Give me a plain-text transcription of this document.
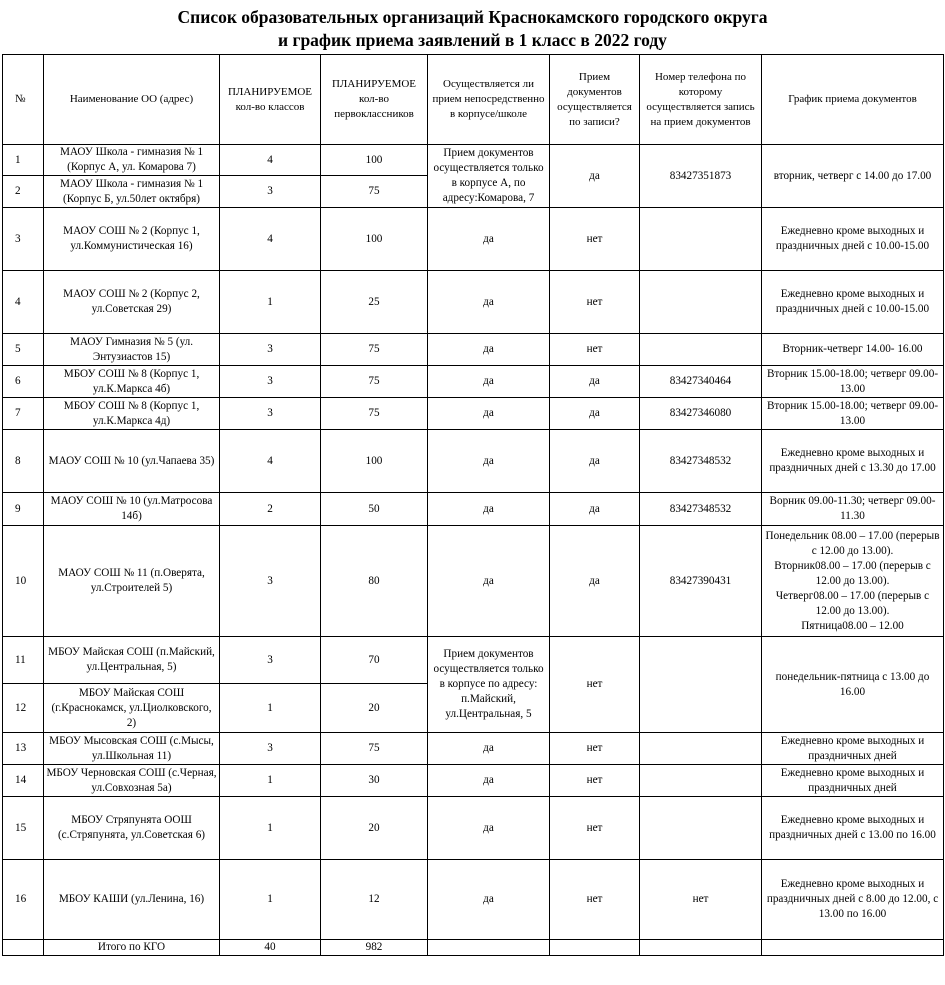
Список образовательных организаций Краснокамского городского округа
и график приема заявлений в 1 класс в 2022 году
№	Наименование ОО (адрес)	ПЛАНИРУЕМОЕ кол-во классов	ПЛАНИРУЕМОЕ кол-во первоклассников	Осуществляется ли прием непосредственно в корпусе/школе	Прием документов осуществляется по записи?	Номер телефона по которому осуществляется запись на прием документов	График приема документов
1	МАОУ Школа - гимназия № 1 (Корпус А, ул. Комарова 7)	4	100	Прием документов осуществляется только в корпусе А, по адресу:Комарова, 7	да	83427351873	вторник, четверг с 14.00 до 17.00
2	МАОУ Школа - гимназия № 1 (Корпус Б, ул.50лет октября)	3	75				
3	МАОУ СОШ № 2 (Корпус 1, ул.Коммунистическая 16)	4	100	да	нет		Ежедневно кроме выходных и праздничных дней с 10.00-15.00
4	МАОУ СОШ № 2 (Корпус 2, ул.Советская 29)	1	25	да	нет		Ежедневно кроме выходных и праздничных дней с 10.00-15.00
5	МАОУ Гимназия № 5 (ул. Энтузиастов 15)	3	75	да	нет		Вторник-четверг 14.00- 16.00
6	МБОУ СОШ № 8 (Корпус 1, ул.К.Маркса 4б)	3	75	да	да	83427340464	Вторник 15.00-18.00; четверг 09.00-13.00
7	МБОУ СОШ № 8 (Корпус 1, ул.К.Маркса 4д)	3	75	да	да	83427346080	Вторник 15.00-18.00; четверг 09.00-13.00
8	МАОУ СОШ № 10 (ул.Чапаева 35)	4	100	да	да	83427348532	Ежедневно кроме выходных и праздничных дней с 13.30 до 17.00
9	МАОУ СОШ № 10 (ул.Матросова 14б)	2	50	да	да	83427348532	Ворник 09.00-11.30; четверг 09.00-11.30
10	МАОУ СОШ № 11 (п.Оверята, ул.Строителей 5)	3	80	да	да	83427390431	Понедельник 08.00 – 17.00 (перерыв с 12.00 до 13.00).
Вторник08.00 – 17.00 (перерыв с 12.00 до 13.00).
Четверг08.00 – 17.00 (перерыв с 12.00 до 13.00).
Пятница08.00 – 12.00

11	МБОУ Майская СОШ (п.Майский, ул.Центральная, 5)	3	70	Прием документов осуществляется только в корпусе по адресу: п.Майский, ул.Центральная, 5	нет		понедельник-пятница с 13.00 до 16.00
12	МБОУ Майская СОШ (г.Краснокамск, ул.Циолковского, 2)	1	20				
13	МБОУ Мысовская СОШ (с.Мысы, ул.Школьная 11)	3	75	да	нет		Ежедневно кроме выходных и праздничных дней
14	МБОУ Черновская СОШ (с.Черная, ул.Совхозная 5а)	1	30	да	нет		Ежедневно кроме выходных и праздничных дней
15	МБОУ Стряпунята ООШ (с.Стряпунята, ул.Советская 6)	1	20	да	нет		Ежедневно кроме выходных и праздничных дней с 13.00 по 16.00
16	МБОУ КАШИ (ул.Ленина, 16)	1	12	да	нет	нет	Ежедневно кроме выходных и праздничных дней с 8.00 до 12.00, с 13.00 по 16.00
	Итого по КГО	40	982				
